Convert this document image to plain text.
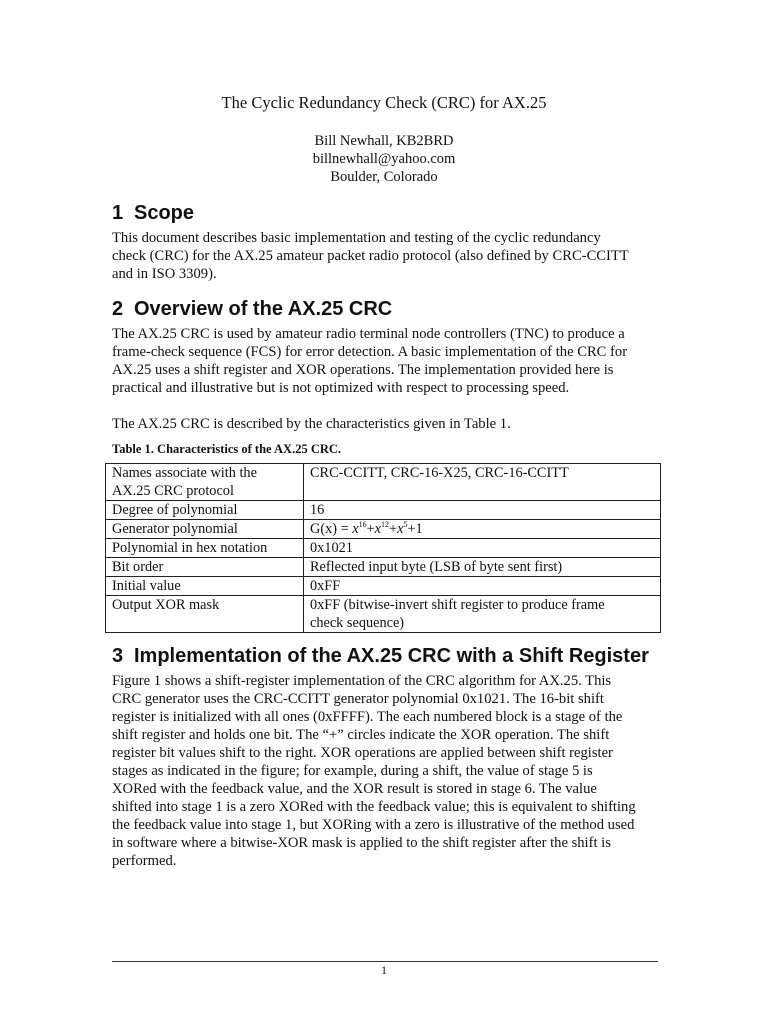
The Cyclic Redundancy Check (CRC) for AX.25
Bill Newhall, KB2BRD
billnewhall@yahoo.com
Boulder, Colorado
1 Scope
This document describes basic implementation and testing of the cyclic redundancy
check (CRC) for the AX.25 amateur packet radio protocol (also defined by CRC-CCITT
and in ISO 3309).
2 Overview of the AX.25 CRC
The AX.25 CRC is used by amateur radio terminal node controllers (TNC) to produce a
frame-check sequence (FCS) for error detection. A basic implementation of the CRC for
AX.25 uses a shift register and XOR operations. The implementation provided here is
practical and illustrative but is not optimized with respect to processing speed.
The AX.25 CRC is described by the characteristics given in Table 1.
Table 1. Characteristics of the AX.25 CRC.
Names associate with the
AX.25 CRC protocol	CRC-CCITT, CRC-16-X25, CRC-16-CCITT

Degree of polynomial	16

Generator polynomial	$G(x) = x^{16}+x^{12}+x^5+1$

Polynomial in hex notation	0x1021

Bit order	Reflected input byte (LSB of byte sent first)

Initial value	0xFF

Output XOR mask	0xFF (bitwise-invert shift register to produce frame
check sequence)
3 Implementation of the AX.25 CRC with a Shift Register
Figure 1 shows a shift-register implementation of the CRC algorithm for AX.25. This
CRC generator uses the CRC-CCITT generator polynomial 0x1021. The 16-bit shift
register is initialized with all ones (0xFFFF). The each numbered block is a stage of the
shift register and holds one bit. The “+” circles indicate the XOR operation. The shift
register bit values shift to the right. XOR operations are applied between shift register
stages as indicated in the figure; for example, during a shift, the value of stage 5 is
XORed with the feedback value, and the XOR result is stored in stage 6. The value
shifted into stage 1 is a zero XORed with the feedback value; this is equivalent to shifting
the feedback value into stage 1, but XORing with a zero is illustrative of the method used
in software where a bitwise-XOR mask is applied to the shift register after the shift is
performed.
1
